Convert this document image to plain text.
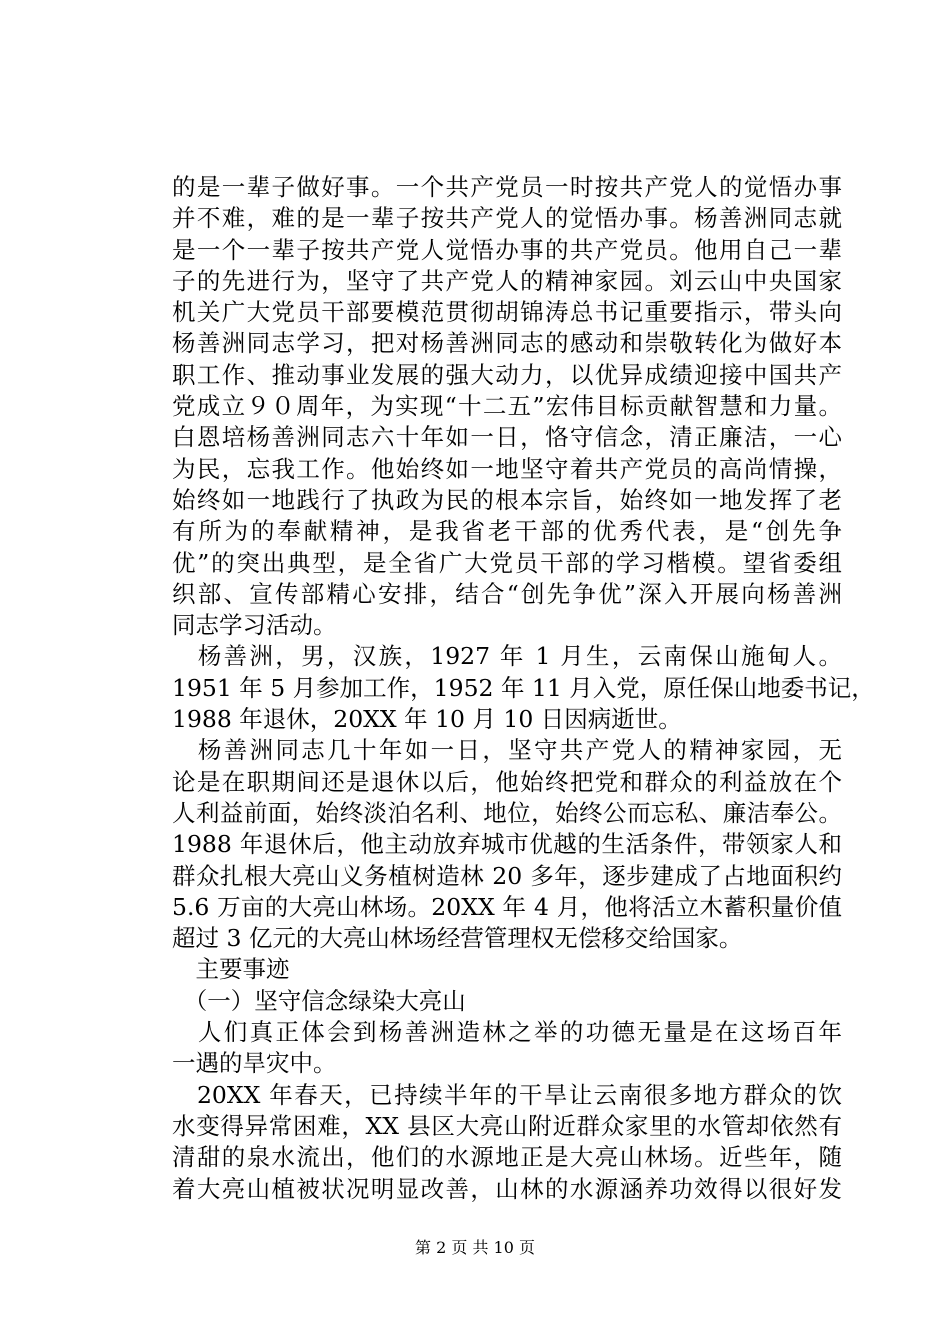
的是一辈子做好事。一个共产党员一时按共产党人的觉悟办事
并不难，难的是一辈子按共产党人的觉悟办事。杨善洲同志就
是一个一辈子按共产党人觉悟办事的共产党员。他用自己一辈
子的先进行为，坚守了共产党人的精神家园。刘云山中央国家
机关广大党员干部要模范贯彻胡锦涛总书记重要指示，带头向
杨善洲同志学习，把对杨善洲同志的感动和崇敬转化为做好本
职工作、推动事业发展的强大动力，以优异成绩迎接中国共产
党成立９０周年，为实现“十二五”宏伟目标贡献智慧和力量。
白恩培杨善洲同志六十年如一日，恪守信念，清正廉洁，一心
为民，忘我工作。他始终如一地坚守着共产党员的高尚情操，
始终如一地践行了执政为民的根本宗旨，始终如一地发挥了老
有所为的奉献精神，是我省老干部的优秀代表，是“创先争
优”的突出典型，是全省广大党员干部的学习楷模。望省委组
织部、宣传部精心安排，结合“创先争优”深入开展向杨善洲
同志学习活动。
　杨善洲，男，汉族，1927 年 1 月生，云南保山施甸人。
1951 年 5 月参加工作，1952 年 11 月入党，原任保山地委书记，
1988 年退休，20XX 年 10 月 10 日因病逝世。
　杨善洲同志几十年如一日，坚守共产党人的精神家园，无
论是在职期间还是退休以后，他始终把党和群众的利益放在个
人利益前面，始终淡泊名利、地位，始终公而忘私、廉洁奉公。
1988 年退休后，他主动放弃城市优越的生活条件，带领家人和
群众扎根大亮山义务植树造林 20 多年，逐步建成了占地面积约
5.6 万亩的大亮山林场。20XX 年 4 月，他将活立木蓄积量价值
超过 3 亿元的大亮山林场经营管理权无偿移交给国家。
　主要事迹
　（一）坚守信念绿染大亮山
　人们真正体会到杨善洲造林之举的功德无量是在这场百年
一遇的旱灾中。
　20XX 年春天，已持续半年的干旱让云南很多地方群众的饮
水变得异常困难，XX 县区大亮山附近群众家里的水管却依然有
清甜的泉水流出，他们的水源地正是大亮山林场。近些年，随
着大亮山植被状况明显改善，山林的水源涵养功效得以很好发
第 2 页 共 10 页
